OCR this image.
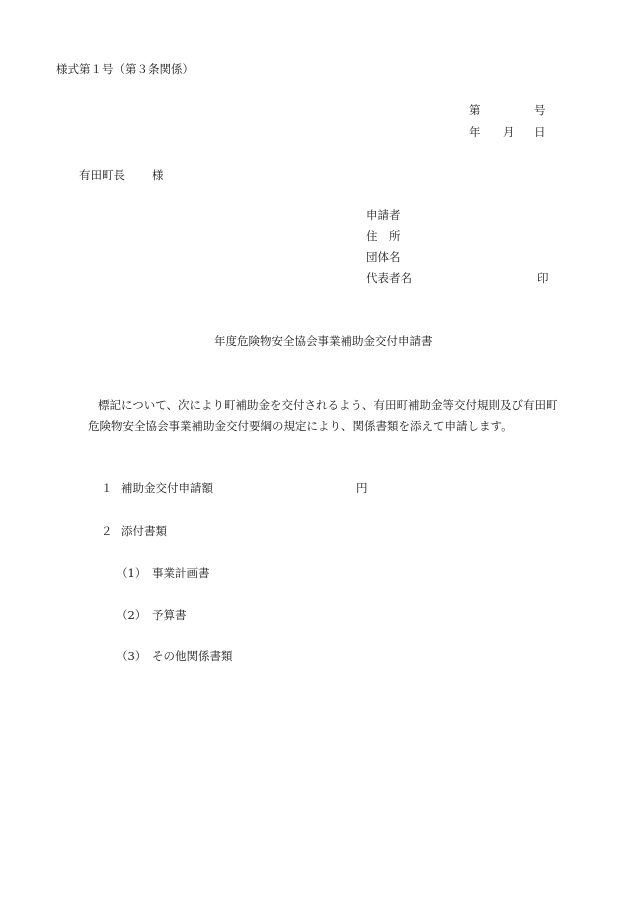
様式第１号（第３条関係）
第	号
年 月 日
有田町長 様
申請者
住　所
団体名
代表者名	印
年度危険物安全協会事業補助金交付申請書
標記について、次により町補助金を交付されるよう、有田町補助金等交付規則及び有田町
危険物安全協会事業補助金交付要綱の規定により、関係書類を添えて申請します。
１ 補助金交付申請額	円
２ 添付書類
（1） 事業計画書
（2） 予算書
（3） その他関係書類
